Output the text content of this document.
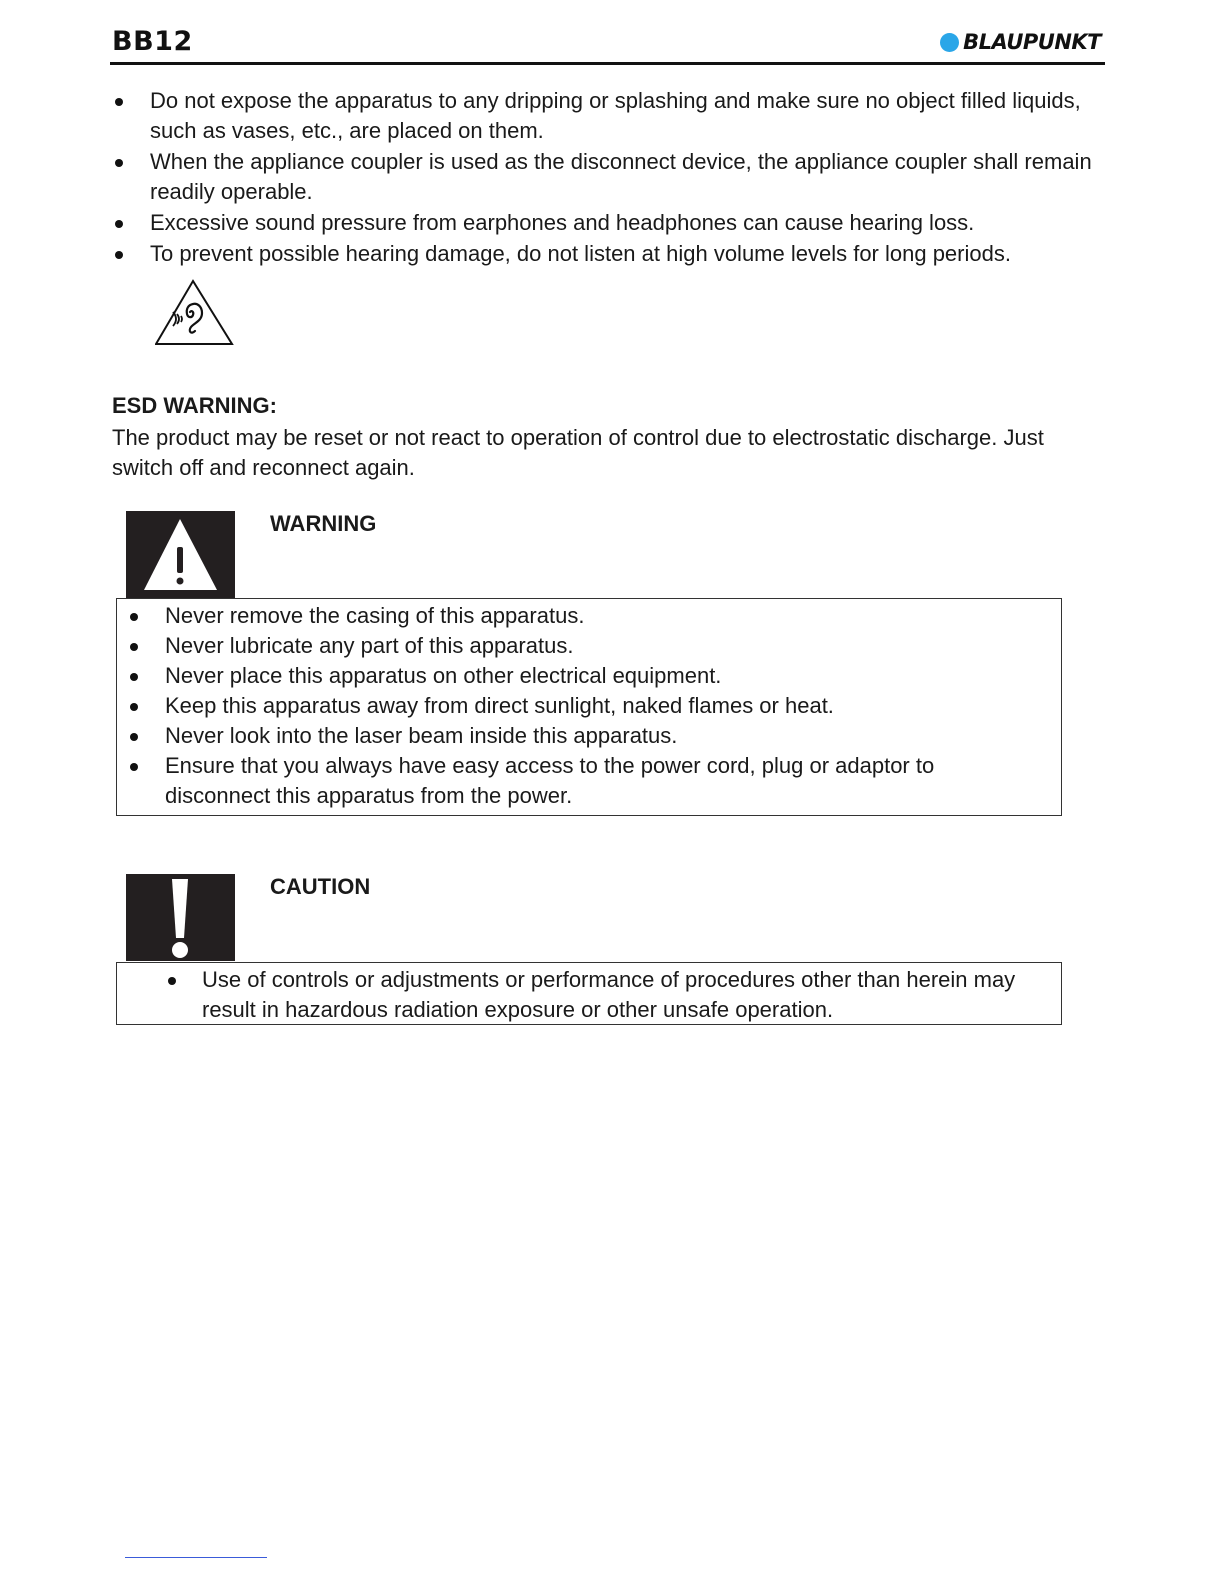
BB12	BLAUPUNKT
Do not expose the apparatus to any dripping or splashing and make sure no object filled liquids, such as vases, etc., are placed on them.
When the appliance coupler is used as the disconnect device, the appliance coupler shall remain readily operable.
Excessive sound pressure from earphones and headphones can cause hearing loss.
To prevent possible hearing damage, do not listen at high volume levels for long periods.
ESD WARNING:
The product may be reset or not react to operation of control due to electrostatic discharge. Just switch off and reconnect again.
WARNING
Never remove the casing of this apparatus.
Never lubricate any part of this apparatus.
Never place this apparatus on other electrical equipment.
Keep this apparatus away from direct sunlight, naked flames or heat.
Never look into the laser beam inside this apparatus.
Ensure that you always have easy access to the power cord, plug or adaptor to disconnect this apparatus from the power.
CAUTION
Use of controls or adjustments or performance of procedures other than herein may result in hazardous radiation exposure or other unsafe operation.
